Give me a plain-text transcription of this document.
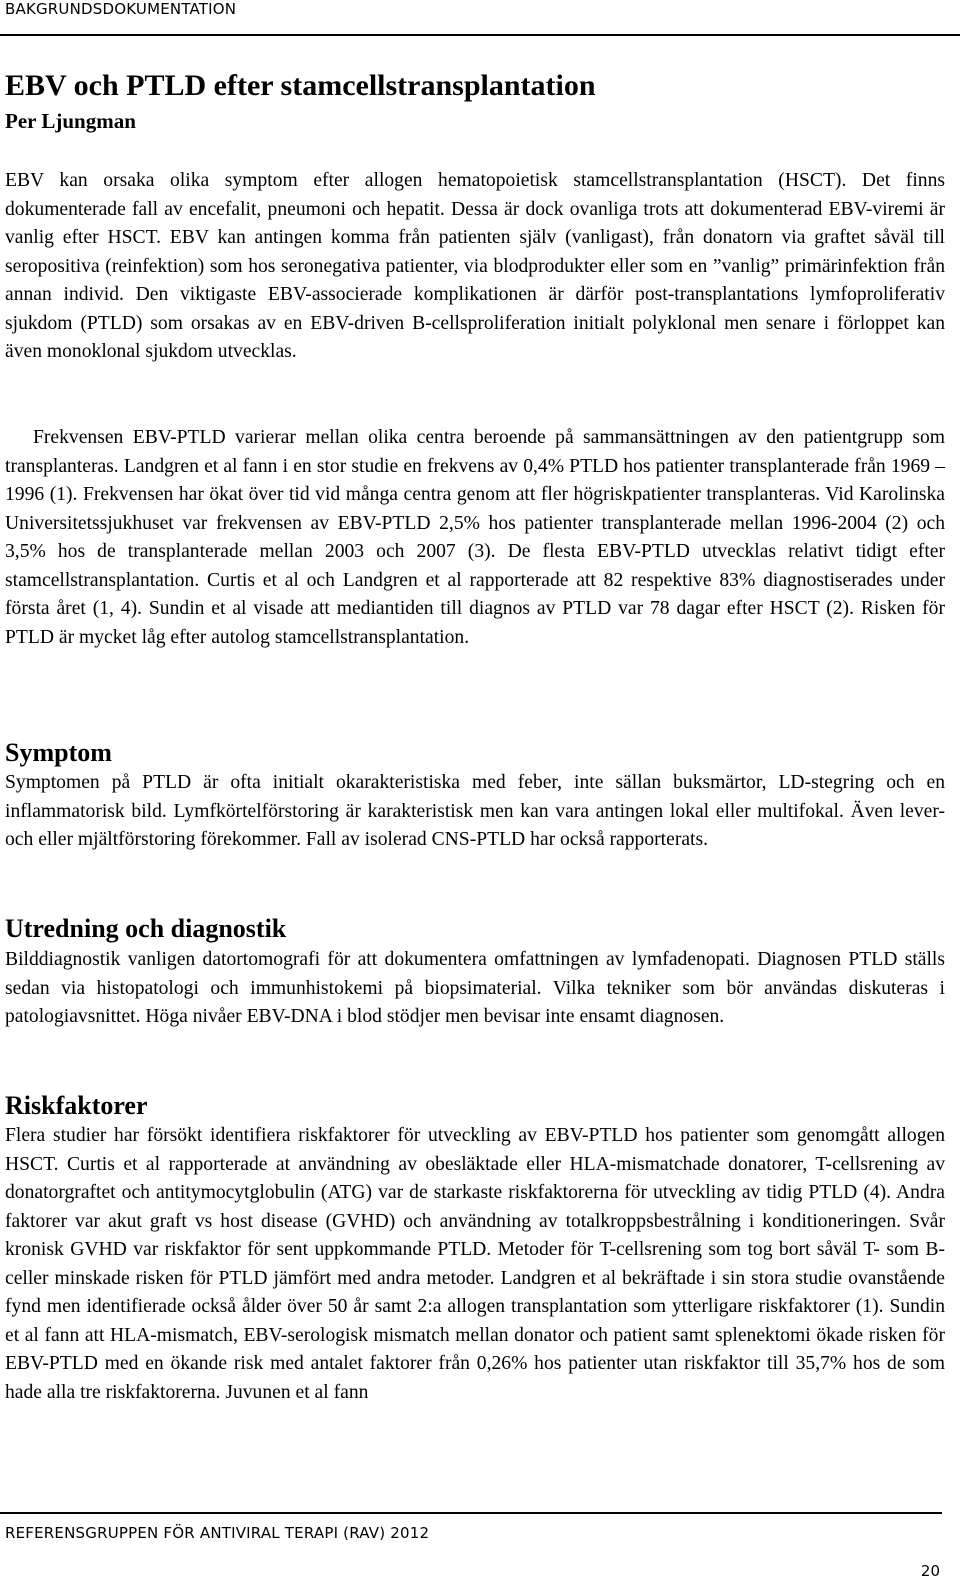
BAKGRUNDSDOKUMENTATION
EBV och PTLD efter stamcellstransplantation
Per Ljungman

EBV kan orsaka olika symptom efter allogen hematopoietisk stamcellstransplantation (HSCT). Det finns dokumenterade fall av encefalit, pneumoni och hepatit. Dessa är dock ovanliga trots att dokumenterad EBV-viremi är vanlig efter HSCT. EBV kan antingen komma från patienten själv (vanligast), från donatorn via graftet såväl till seropositiva (reinfektion) som hos seronegativa patienter, via blodprodukter eller som en ”vanlig” primärinfektion från annan individ. Den viktigaste EBV-associerade komplikationen är därför post-transplantations lymfoproliferativ sjukdom (PTLD) som orsakas av en EBV-driven B-cellsproliferation initialt polyklonal men senare i förloppet kan även monoklonal sjukdom utvecklas.

Frekvensen EBV-PTLD varierar mellan olika centra beroende på sammansättningen av den patientgrupp som transplanteras. Landgren et al fann i en stor studie en frekvens av 0,4% PTLD hos patienter transplanterade från 1969 – 1996 (1). Frekvensen har ökat över tid vid många centra genom att fler högriskpatienter transplanteras. Vid Karolinska Universitetssjukhuset var frekvensen av EBV-PTLD 2,5% hos patienter transplanterade mellan 1996-2004 (2) och 3,5% hos de transplanterade mellan 2003 och 2007 (3). De flesta EBV-PTLD utvecklas relativt tidigt efter stamcellstransplantation. Curtis et al och Landgren et al rapporterade att 82 respektive 83% diagnostiserades under första året (1, 4). Sundin et al visade att mediantiden till diagnos av PTLD var 78 dagar efter HSCT (2). Risken för PTLD är mycket låg efter autolog stamcellstransplantation.

Symptom

Symptomen på PTLD är ofta initialt okarakteristiska med feber, inte sällan buksmärtor, LD-stegring och en inflammatorisk bild. Lymfkörtelförstoring är karakteristisk men kan vara antingen lokal eller multifokal. Även lever- och eller mjältförstoring förekommer. Fall av isolerad CNS-PTLD har också rapporterats.

Utredning och diagnostik

Bilddiagnostik vanligen datortomografi för att dokumentera omfattningen av lymfadenopati. Diagnosen PTLD ställs sedan via histopatologi och immunhistokemi på biopsimaterial. Vilka tekniker som bör användas diskuteras i patologiavsnittet. Höga nivåer EBV-DNA i blod stödjer men bevisar inte ensamt diagnosen.

Riskfaktorer

Flera studier har försökt identifiera riskfaktorer för utveckling av EBV-PTLD hos patienter som genomgått allogen HSCT. Curtis et al rapporterade at användning av obesläktade eller HLA-mismatchade donatorer, T-cellsrening av donatorgraftet och antitymocytglobulin (ATG) var de starkaste riskfaktorerna för utveckling av tidig PTLD (4). Andra faktorer var akut graft vs host disease (GVHD) och användning av totalkroppsbestrålning i konditioneringen. Svår kronisk GVHD var riskfaktor för sent uppkommande PTLD. Metoder för T-cellsrening som tog bort såväl T- som B-celler minskade risken för PTLD jämfört med andra metoder. Landgren et al bekräftade i sin stora studie ovanstående fynd men identifierade också ålder över 50 år samt 2:a allogen transplantation som ytterligare riskfaktorer (1). Sundin et al fann att HLA-mismatch, EBV-serologisk mismatch mellan donator och patient samt splenektomi ökade risken för EBV-PTLD med en ökande risk med antalet faktorer från 0,26% hos patienter utan riskfaktor till 35,7% hos de som hade alla tre riskfaktorerna. Juvunen et al fann

REFERENSGRUPPEN FÖR ANTIVIRAL TERAPI (RAV) 2012
20
